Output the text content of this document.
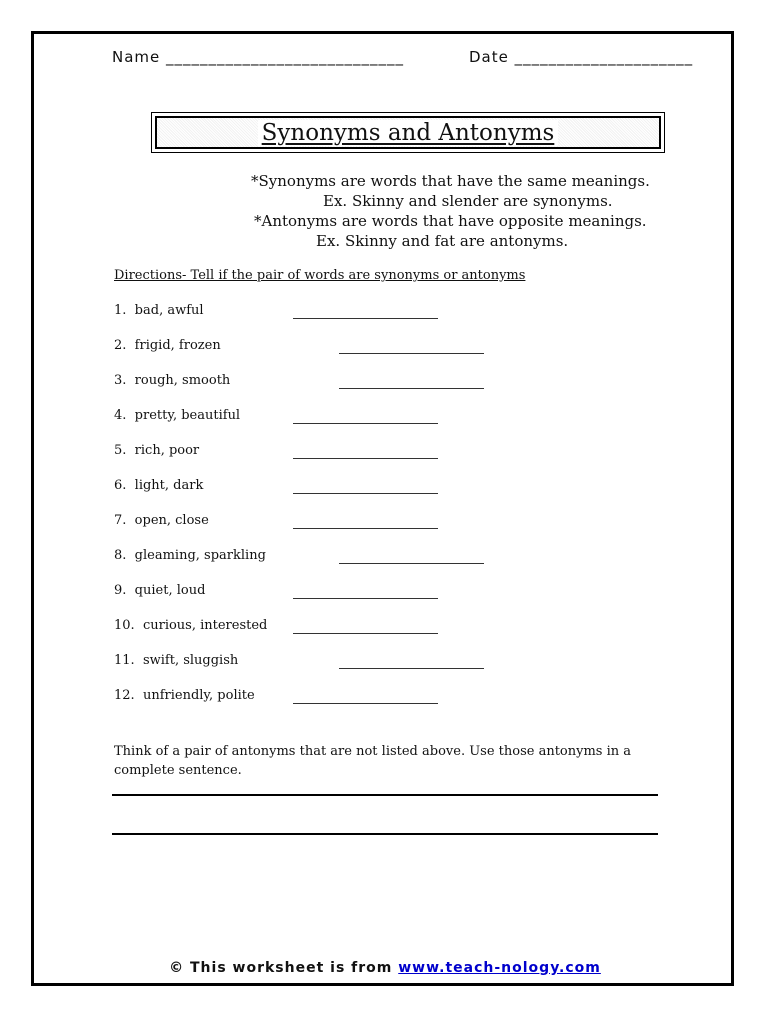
Name ____________________________	Date _____________________
Synonyms and Antonyms
*Synonyms are words that have the same meanings.
Ex. Skinny and slender are synonyms.
*Antonyms are words that have opposite meanings.
Ex. Skinny and fat are antonyms.
Directions- Tell if the pair of words are synonyms or antonyms
1. bad, awful
2. frigid, frozen
3. rough, smooth
4. pretty, beautiful
5. rich, poor
6. light, dark
7. open, close
8. gleaming, sparkling
9. quiet, loud
10. curious, interested
11. swift, sluggish
12. unfriendly, polite
Think of a pair of antonyms that are not listed above. Use those antonyms in a complete sentence.
© This worksheet is from www.teach-nology.com
